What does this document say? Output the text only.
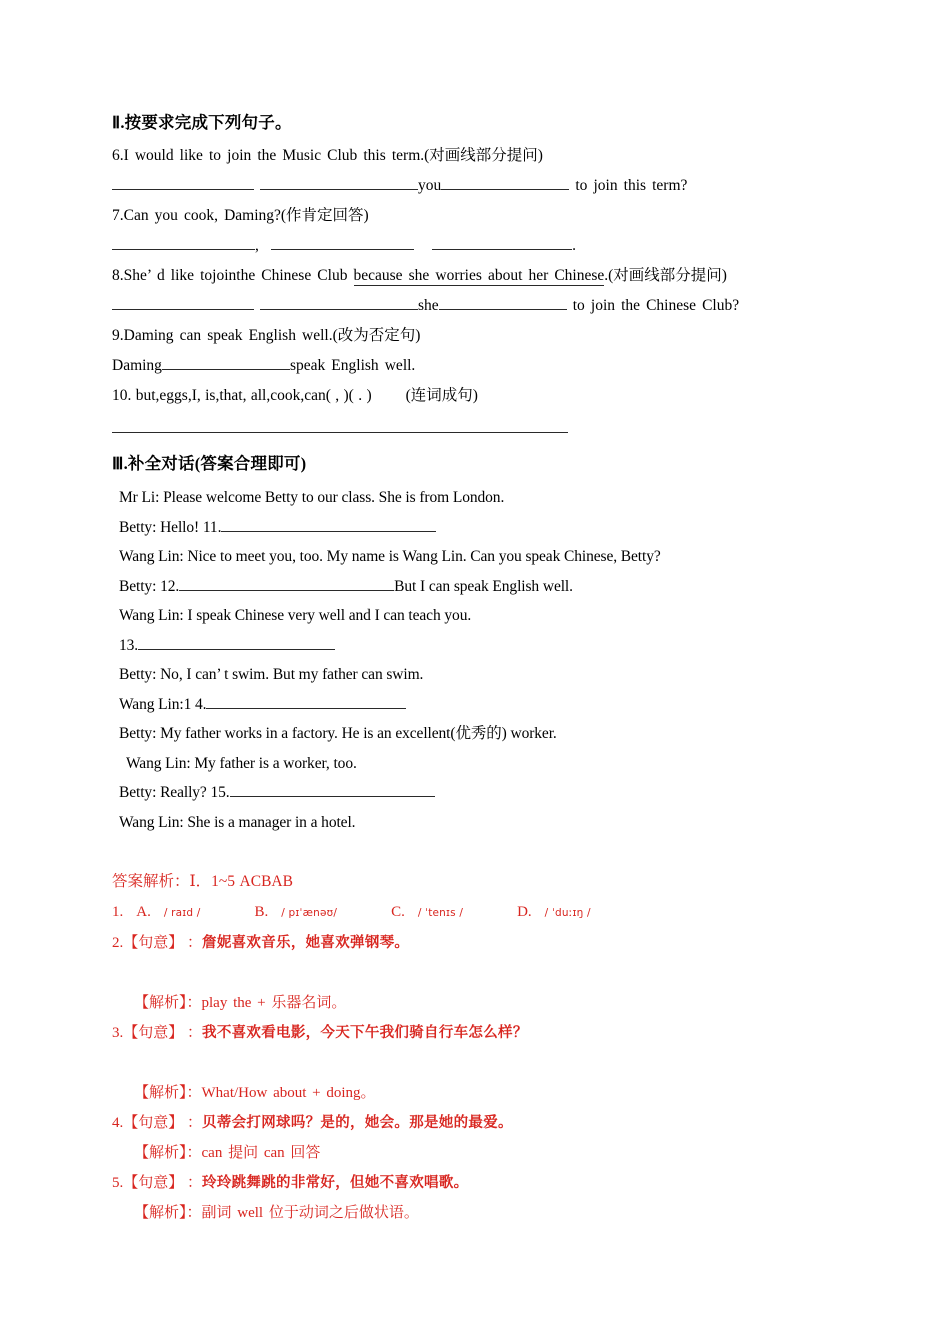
Ⅱ.按要求完成下列句子。

6.I would like to join the Music Club this term.(对画线部分提问)

you	to join this term?

7.Can you cook, Daming?(作肯定回答)

,	.

8.She’ d like tojointhe Chinese Club because she worries about her Chinese.(对画线部分提问)

she	to join the Chinese Club?

9.Daming can speak English well.(改为否定句)

Daming	speak English well.

10. but,eggs,I, is,that, all,cook,can( , )( . ) (连词成句)

Ⅲ.补全对话(答案合理即可)

Mr Li: Please welcome Betty to our class. She is from London.

Betty: Hello! 11.

Wang Lin: Nice to meet you, too. My name is Wang Lin. Can you speak Chinese, Betty?

Betty: 12.	But I can speak English well.

Wang Lin: I speak Chinese very well and I can teach you.

13.

Betty: No, I can’ t swim. But my father can swim.

Wang Lin:1 4.

Betty: My father works in a factory. He is an excellent(优秀的) worker.

Wang Lin: My father is a worker, too.

Betty: Really? 15.

Wang Lin: She is a manager in a hotel.

答案解析：Ⅰ．1~5 ACBAB

1. A. / raɪd /	B. / pɪˈænəʊ/	C. / ˈtenɪs /	D. / ˈduːɪŋ /

2.【句意】 ：詹妮喜欢音乐，她喜欢弹钢琴。

【解析】：play the + 乐器名词。

3.【句意】 ：我不喜欢看电影，今天下午我们骑自行车怎么样？

【解析】：What/How about + doing。

4.【句意】 ：贝蒂会打网球吗？是的，她会。那是她的最爱。

【解析】：can 提问 can 回答

5.【句意】 ：玲玲跳舞跳的非常好，但她不喜欢唱歌。

【解析】：副词 well 位于动词之后做状语。
